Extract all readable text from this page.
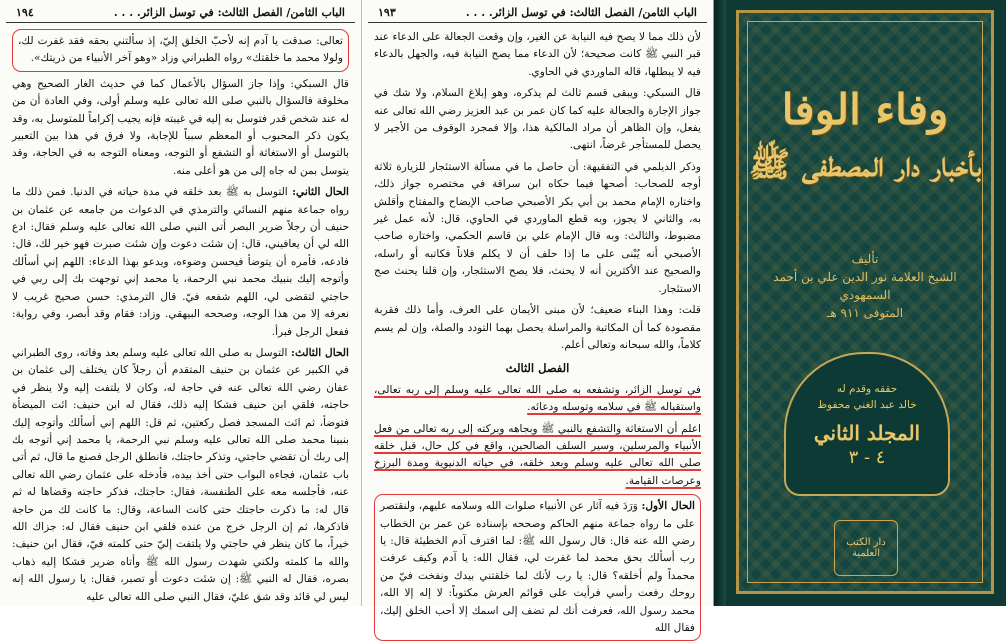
الباب الثامن/ الفصل الثالث: في توسل الزائر. . . .
١٩٤

تعالى: صدقت يا آدم إنه لأحبّ الخلق إليّ، إذ سألتني بحقه فقد غفرت لك، ولولا محمد ما خلقتك» رواه الطبراني وزاد «وهو آخر الأنبياء من ذريتك».

قال السبكي: وإذا جاز السؤال بالأعمال كما في حديث الغار الصحيح وهي مخلوقة فالسؤال بالنبي صلى الله تعالى عليه وسلم أولى، وفي العادة أن من له عند شخص قدر فتوسل به إليه في غيبته فإنه يجيب إكراماً للمتوسل به، وقد يكون ذكر المحبوب أو المعظم سبباً للإجابة، ولا فرق في هذا بين التعبير بالتوسل أو الاستغاثة أو التشفع أو التوجه، ومعناه التوجه به في الحاجة، وقد يتوسل بمن له جاه إلى من هو أعلى منه.

الحال الثاني: التوسل به ﷺ بعد خلقه في مدة حياته في الدنيا. فمن ذلك ما رواه جماعة منهم النسائي والترمذي في الدعوات من جامعه عن عثمان بن حنيف أن رجلاً ضرير البصر أتى النبي صلى الله تعالى عليه وسلم فقال: ادع الله لي أن يعافيني، قال: إن شئت دعوت وإن شئت صبرت فهو خير لك، قال: فادعه، فأمره أن يتوضأ فيحسن وضوءه، ويدعو بهذا الدعاء: اللهم إني أسألك وأتوجه إليك بنبيك محمد نبي الرحمة، يا محمد إني توجهت بك إلى ربي في حاجتي لتقضى لي، اللهم شفعه فيّ. قال الترمذي: حسن صحيح غريب لا نعرفه إلا من هذا الوجه، وصححه البيهقي. وزاد: فقام وقد أبصر، وفي رواية: ففعل الرجل فبرأ.

الحال الثالث: التوسل به صلى الله تعالى عليه وسلم بعد وفاته، روى الطبراني في الكبير عن عثمان بن حنيف المتقدم أن رجلاً كان يختلف إلى عثمان بن عفان رضي الله تعالى عنه في حاجة له، وكان لا يلتفت إليه ولا ينظر في حاجته، فلقي ابن حنيف فشكا إليه ذلك، فقال له ابن حنيف: ائت الميضأة فتوضأ، ثم ائت المسجد فصل ركعتين، ثم قل: اللهم إني أسألك وأتوجه إليك بنبينا محمد صلى الله تعالى عليه وسلم نبي الرحمة، يا محمد إني أتوجه بك إلى ربك أن تقضي حاجتي، وتذكر حاجتك، فانطلق الرجل فصنع ما قال، ثم أتى باب عثمان، فجاءه البواب حتى أخذ بيده، فأدخله على عثمان رضي الله تعالى عنه، فأجلسه معه على الطنفسة، فقال: حاجتك، فذكر حاجته وقضاها له ثم قال له: ما ذكرت حاجتك حتى كانت الساعة، وقال: ما كانت لك من حاجة فاذكرها، ثم إن الرجل خرج من عنده فلقي ابن حنيف فقال له: جزاك الله خيراً، ما كان ينظر في حاجتي ولا يلتفت إليّ حتى كلمته فيّ، فقال ابن حنيف: والله ما كلمته ولكني شهدت رسول الله ﷺ وأتاه ضرير فشكا إليه ذهاب بصره، فقال له النبي ﷺ: إن شئت دعوت أو تصبر، فقال: يا رسول الله إنه ليس لي قائد وقد شق عليّ، فقال النبي صلى الله تعالى عليه

الباب الثامن/ الفصل الثالث: في توسل الزائر. . . .
١٩٣

لأن ذلك مما لا يصح فيه النيابة عن الغير، وإن وقعت الجعالة على الدعاء عند قبر النبي ﷺ كانت صحيحة؛ لأن الدعاء مما يصح النيابة فيه، والجهل بالدعاء فيه لا يبطلها، قاله الماوردي في الحاوي.

قال السبكي: ويبقى قسم ثالث لم يذكره، وهو إبلاغ السلام، ولا شك في جواز الإجارة والجعالة عليه كما كان عمر بن عبد العزيز رضي الله تعالى عنه يفعل، وإن الظاهر أن مراد المالكية هذا، وإلا فمجرد الوقوف من الأجير لا يحصل للمستأجر غرضاً، انتهى.

وذكر الديلمي في التفقيهة: أن حاصل ما في مسألة الاستئجار للزيارة ثلاثة أوجه للصحاب: أصحها فيما حكاه ابن سراقة في مختصره جواز ذلك، واختاره الإمام محمد بن أبي بكر الأصبحي صاحب الإيضاح والمفتاح وأقلش به، والثاني لا يجوز، وبه قطع الماوردي في الحاوي، قال: لأنه عمل غير مضبوط، والثالث: وبه قال الإمام علي بن قاسم الحكمي، واختاره صاحب الأصبحي أنه يُبْنى على ما إذا حلف أن لا يكلم فلاناً فكاتبه أو راسله، والصحيح عند الأكثرين أنه لا يحنث، فلا يصح الاستئجار، وإن قلنا يحنث صح الاستئجار.

قلت: وهذا البناء ضعيف؛ لأن مبنى الأيمان على العرف، وأما ذلك فقربة مقصودة كما أن المكاتبة والمراسلة يحصل بهما التودد والصلة، وإن لم يسم كلاماً، والله سبحانه وتعالى أعلم.

الفصل الثالث

في توسل الزائر، وتشفعه به صلى الله تعالى عليه وسلم إلى ربه تعالى، واستقباله ﷺ في سلامه وتوسله ودعائه.

اعلم أن الاستغاثة والتشفع بالنبي ﷺ وبجاهه وبركته إلى ربه تعالى من فعل الأنبياء والمرسلين، وسير السلف الصالحين، واقع في كل حال، قبل خلقه صلى الله تعالى عليه وسلم وبعد خلقه، في حياته الدنيوية ومدة البرزخ وعرصات القيامة.

الحال الأول: وَرَدَ فيه آثار عن الأنبياء صلوات الله وسلامه عليهم، ولنقتصر على ما رواه جماعة منهم الحاكم وصححه بإسناده عن عمر بن الخطاب رضي الله عنه قال: قال رسول الله ﷺ: لما اقترف آدم الخطيئة قال: يا رب أسألك بحق محمد لما غفرت لي، فقال الله: يا آدم وكيف عرفت محمداً ولم أخلقه؟ قال: يا رب لأنك لما خلقتني بيدك ونفخت فيّ من روحك رفعت رأسي فرأيت على قوائم العرش مكتوباً: لا إله إلا الله، محمد رسول الله، فعرفت أنك لم تضف إلى اسمك إلا أحب الخلق إليك، فقال الله

وفاء الوفا
بأخبار دار المصطفى ﷺ
تأليف
الشيخ العلامة نور الدين علي بن أحمد السمهودي
المتوفى ٩١١ هـ
حققه وقدم له
خالد عبد الغني محفوظ
المجلد الثاني
٤ - ٣
دار الكتب العلمية
